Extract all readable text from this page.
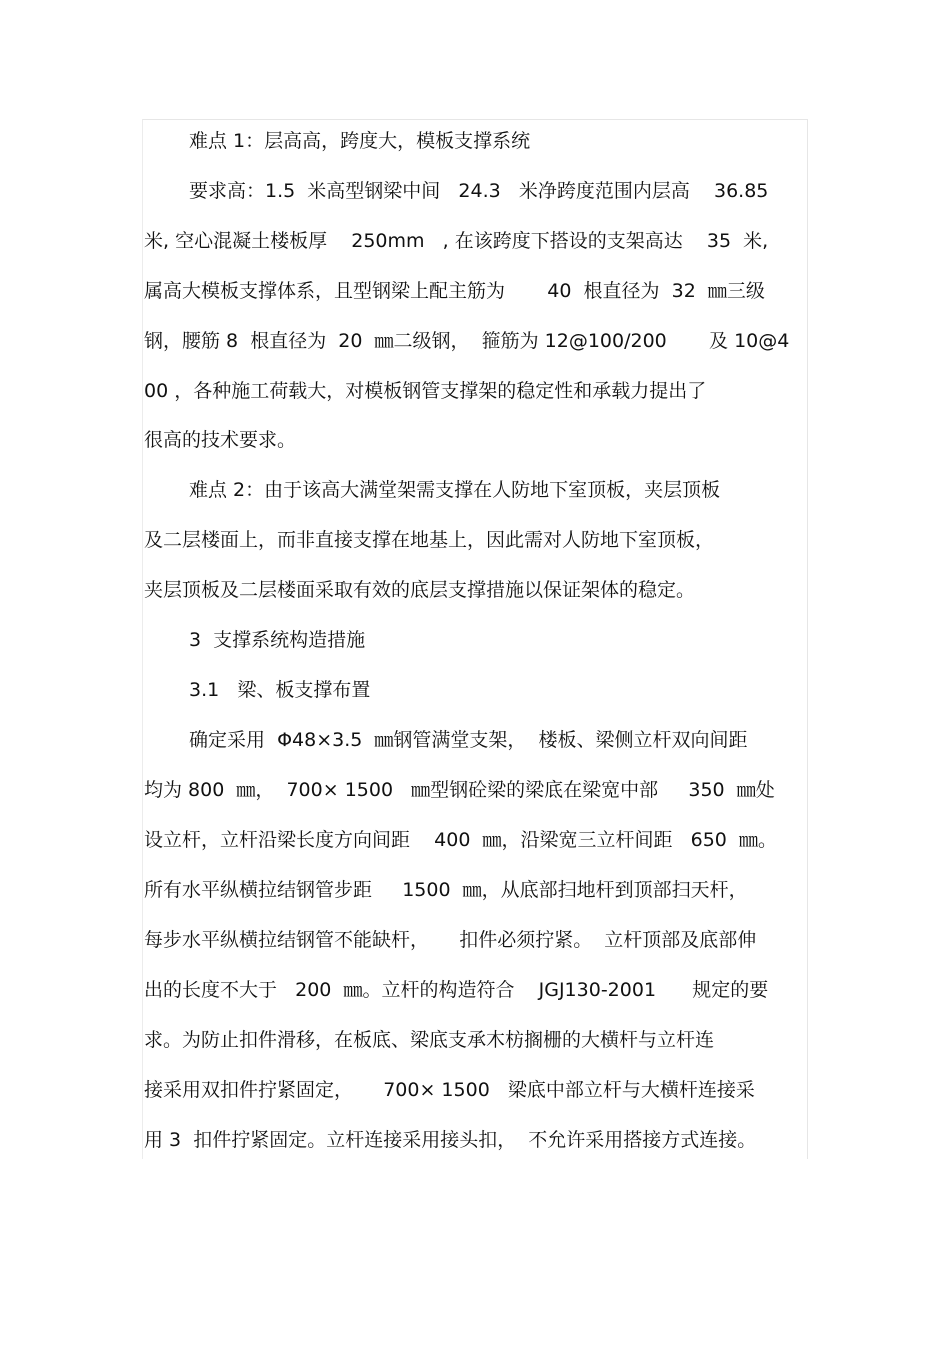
难点 1：层高高，跨度大，模板支撑系统
要求高：1.5  米高型钢梁中间   24.3   米净跨度范围内层高    36.85
米, 空心混凝土楼板厚    250mm   , 在该跨度下搭设的支架高达    35  米,
属高大模板支撑体系，且型钢梁上配主筋为       40  根直径为  32  ㎜三级
钢，腰筋 8  根直径为  20  ㎜二级钢，  箍筋为 12@100/200       及 10@4
00 ，各种施工荷载大，对模板钢管支撑架的稳定性和承载力提出了
很高的技术要求。
难点 2：由于该高大满堂架需支撑在人防地下室顶板，夹层顶板
及二层楼面上，而非直接支撑在地基上，因此需对人防地下室顶板，
夹层顶板及二层楼面采取有效的底层支撑措施以保证架体的稳定。
3  支撑系统构造措施
3.1   梁、板支撑布置
确定采用  Φ48×3.5  ㎜钢管满堂支架，  楼板、梁侧立杆双向间距
均为 800  ㎜，  700× 1500   ㎜型钢砼梁的梁底在梁宽中部     350  ㎜处
设立杆，立杆沿梁长度方向间距    400  ㎜，沿梁宽三立杆间距   650  ㎜。
所有水平纵横拉结钢管步距     1500  ㎜，从底部扫地杆到顶部扫天杆，
每步水平纵横拉结钢管不能缺杆，     扣件必须拧紧。  立杆顶部及底部伸
出的长度不大于   200  ㎜。立杆的构造符合    JGJ130-2001      规定的要
求。为防止扣件滑移，在板底、梁底支承木枋搁栅的大横杆与立杆连
接采用双扣件拧紧固定，     700× 1500   梁底中部立杆与大横杆连接采
用 3  扣件拧紧固定。立杆连接采用接头扣，  不允许采用搭接方式连接。
